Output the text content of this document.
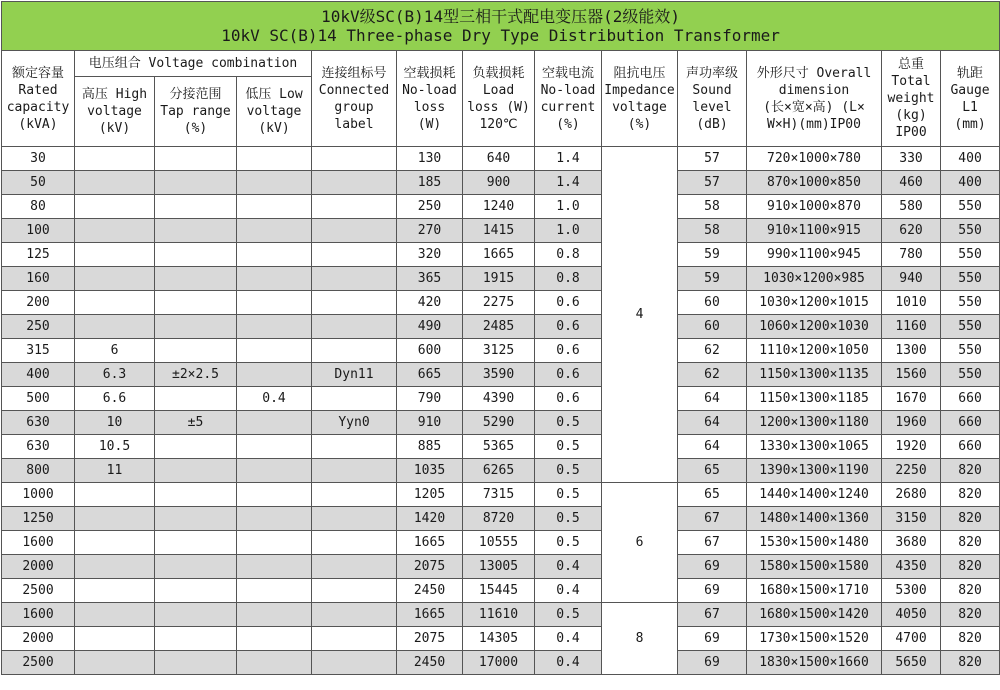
10kV级SC(B)14型三相干式配电变压器(2级能效)
10kV SC(B)14 Three-phase Dry Type Distribution Transformer												

额定容量
Rated
capacity
(kVA)	电压组合 Voltage combination			连接组标号
Connected
group
label	空载损耗
No-load
loss
(W)	负载损耗
Load
loss (W)
120℃	空载电流
No-load
current
(%)	阻抗电压
Impedance
voltage
(%)	声功率级
Sound
level
(dB)	外形尺寸 Overall
dimension
(长×宽×高) (L×
W×H)(mm)IP00	总重
Total
weight
(kg)
IP00	轨距
Gauge
L1
(mm)

	高压 High
voltage
(kV)	分接范围
Tap range
(%)	低压 Low
voltage
(kV)									

30					130	640	1.4	4	57	720×1000×780	330	400
50					185	900	1.4		57	870×1000×850	460	400
80					250	1240	1.0		58	910×1000×870	580	550
100					270	1415	1.0		58	910×1100×915	620	550
125					320	1665	0.8		59	990×1100×945	780	550
160					365	1915	0.8		59	1030×1200×985	940	550
200					420	2275	0.6		60	1030×1200×1015	1010	550
250					490	2485	0.6		60	1060×1200×1030	1160	550
315	6				600	3125	0.6		62	1110×1200×1050	1300	550
400	6.3	±2×2.5		Dyn11	665	3590	0.6		62	1150×1300×1135	1560	550
500	6.6		0.4		790	4390	0.6		64	1150×1300×1185	1670	660
630	10	±5		Yyn0	910	5290	0.5		64	1200×1300×1180	1960	660
630	10.5				885	5365	0.5		64	1330×1300×1065	1920	660
800	11				1035	6265	0.5		65	1390×1300×1190	2250	820
1000					1205	7315	0.5	6	65	1440×1400×1240	2680	820
1250					1420	8720	0.5		67	1480×1400×1360	3150	820
1600					1665	10555	0.5		67	1530×1500×1480	3680	820
2000					2075	13005	0.4		69	1580×1500×1580	4350	820
2500					2450	15445	0.4		69	1680×1500×1710	5300	820
1600					1665	11610	0.5	8	67	1680×1500×1420	4050	820
2000					2075	14305	0.4		69	1730×1500×1520	4700	820
2500					2450	17000	0.4		69	1830×1500×1660	5650	820
